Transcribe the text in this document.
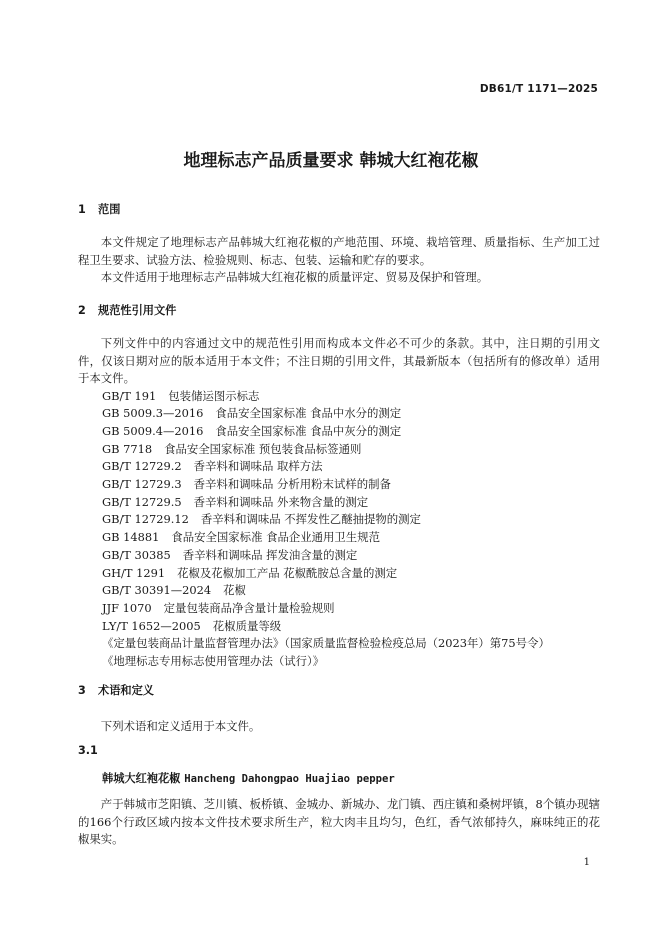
DB61/T 1171—2025
地理标志产品质量要求 韩城大红袍花椒
1 范围

本文件规定了地理标志产品韩城大红袍花椒的产地范围、环境、栽培管理、质量指标、生产加工过程卫生要求、试验方法、检验规则、标志、包装、运输和贮存的要求。

本文件适用于地理标志产品韩城大红袍花椒的质量评定、贸易及保护和管理。

2 规范性引用文件

下列文件中的内容通过文中的规范性引用而构成本文件必不可少的条款。其中，注日期的引用文件，仅该日期对应的版本适用于本文件；不注日期的引用文件，其最新版本（包括所有的修改单）适用于本文件。

GB/T 191 包装储运图示标志
GB 5009.3—2016 食品安全国家标准 食品中水分的测定
GB 5009.4—2016 食品安全国家标准 食品中灰分的测定
GB 7718 食品安全国家标准 预包装食品标签通则
GB/T 12729.2 香辛料和调味品 取样方法
GB/T 12729.3 香辛料和调味品 分析用粉末试样的制备
GB/T 12729.5 香辛料和调味品 外来物含量的测定
GB/T 12729.12 香辛料和调味品 不挥发性乙醚抽提物的测定
GB 14881 食品安全国家标准 食品企业通用卫生规范
GB/T 30385 香辛料和调味品 挥发油含量的测定
GH/T 1291 花椒及花椒加工产品 花椒酰胺总含量的测定
GB/T 30391—2024 花椒
JJF 1070 定量包装商品净含量计量检验规则
LY/T 1652—2005 花椒质量等级
《定量包装商品计量监督管理办法》（国家质量监督检验检疫总局（2023年）第75号令）
《地理标志专用标志使用管理办法（试行）》
3 术语和定义

下列术语和定义适用于本文件。

3.1
韩城大红袍花椒 Hancheng Dahongpao Huajiao pepper

产于韩城市芝阳镇、芝川镇、板桥镇、金城办、新城办、龙门镇、西庄镇和桑树坪镇，8个镇办现辖的166个行政区域内按本文件技术要求所生产，粒大肉丰且均匀，色红，香气浓郁持久，麻味纯正的花椒果实。

1
